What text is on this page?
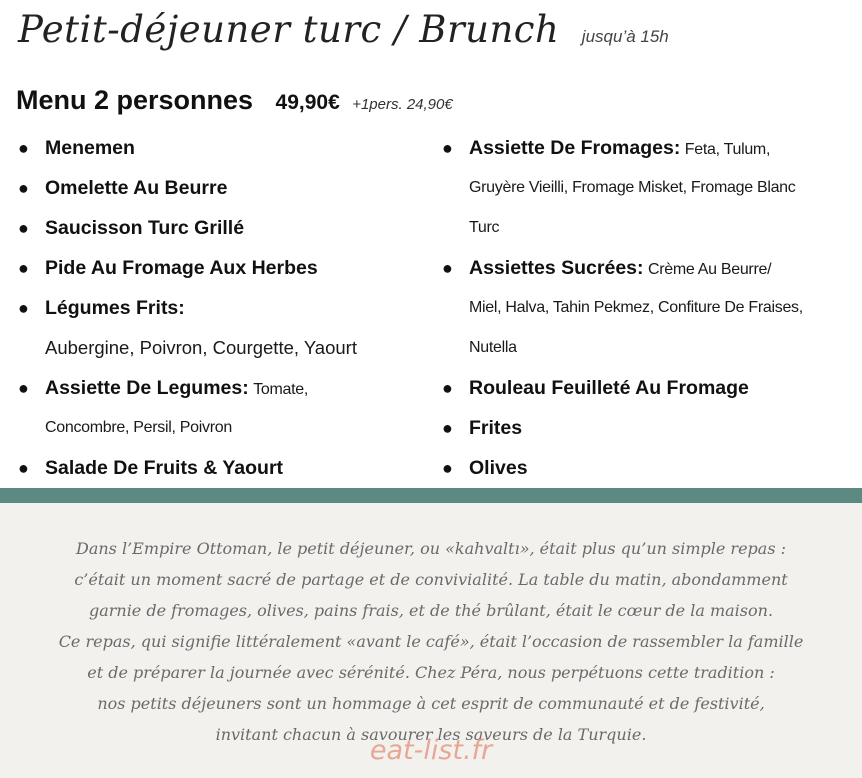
Petit-déjeuner turc / Brunch jusqu’à 15h
Menu 2 personnes 49,90€ +1pers. 24,90€
● Menemen
● Omelette Au Beurre
● Saucisson Turc Grillé
● Pide Au Fromage Aux Herbes
● Légumes Frits:
Aubergine, Poivron, Courgette, Yaourt
● Assiette De Legumes: Tomate,
Concombre, Persil, Poivron
● Salade De Fruits & Yaourt
● Assiette De Fromages: Feta, Tulum,
Gruyère Vieilli, Fromage Misket, Fromage Blanc
Turc
● Assiettes Sucrées: Crème Au Beurre/
Miel, Halva, Tahin Pekmez, Confiture De Fraises,
Nutella
● Rouleau Feuilleté Au Fromage
● Frites
● Olives
Dans l’Empire Ottoman, le petit déjeuner, ou «kahvaltı», était plus qu’un simple repas :
c’était un moment sacré de partage et de convivialité. La table du matin, abondamment
garnie de fromages, olives, pains frais, et de thé brûlant, était le cœur de la maison.
Ce repas, qui signifie littéralement «avant le café», était l’occasion de rassembler la famille
et de préparer la journée avec sérénité. Chez Péra, nous perpétuons cette tradition :
nos petits déjeuners sont un hommage à cet esprit de communauté et de festivité,
invitant chacun à savourer les saveurs de la Turquie.
eat-list.fr
